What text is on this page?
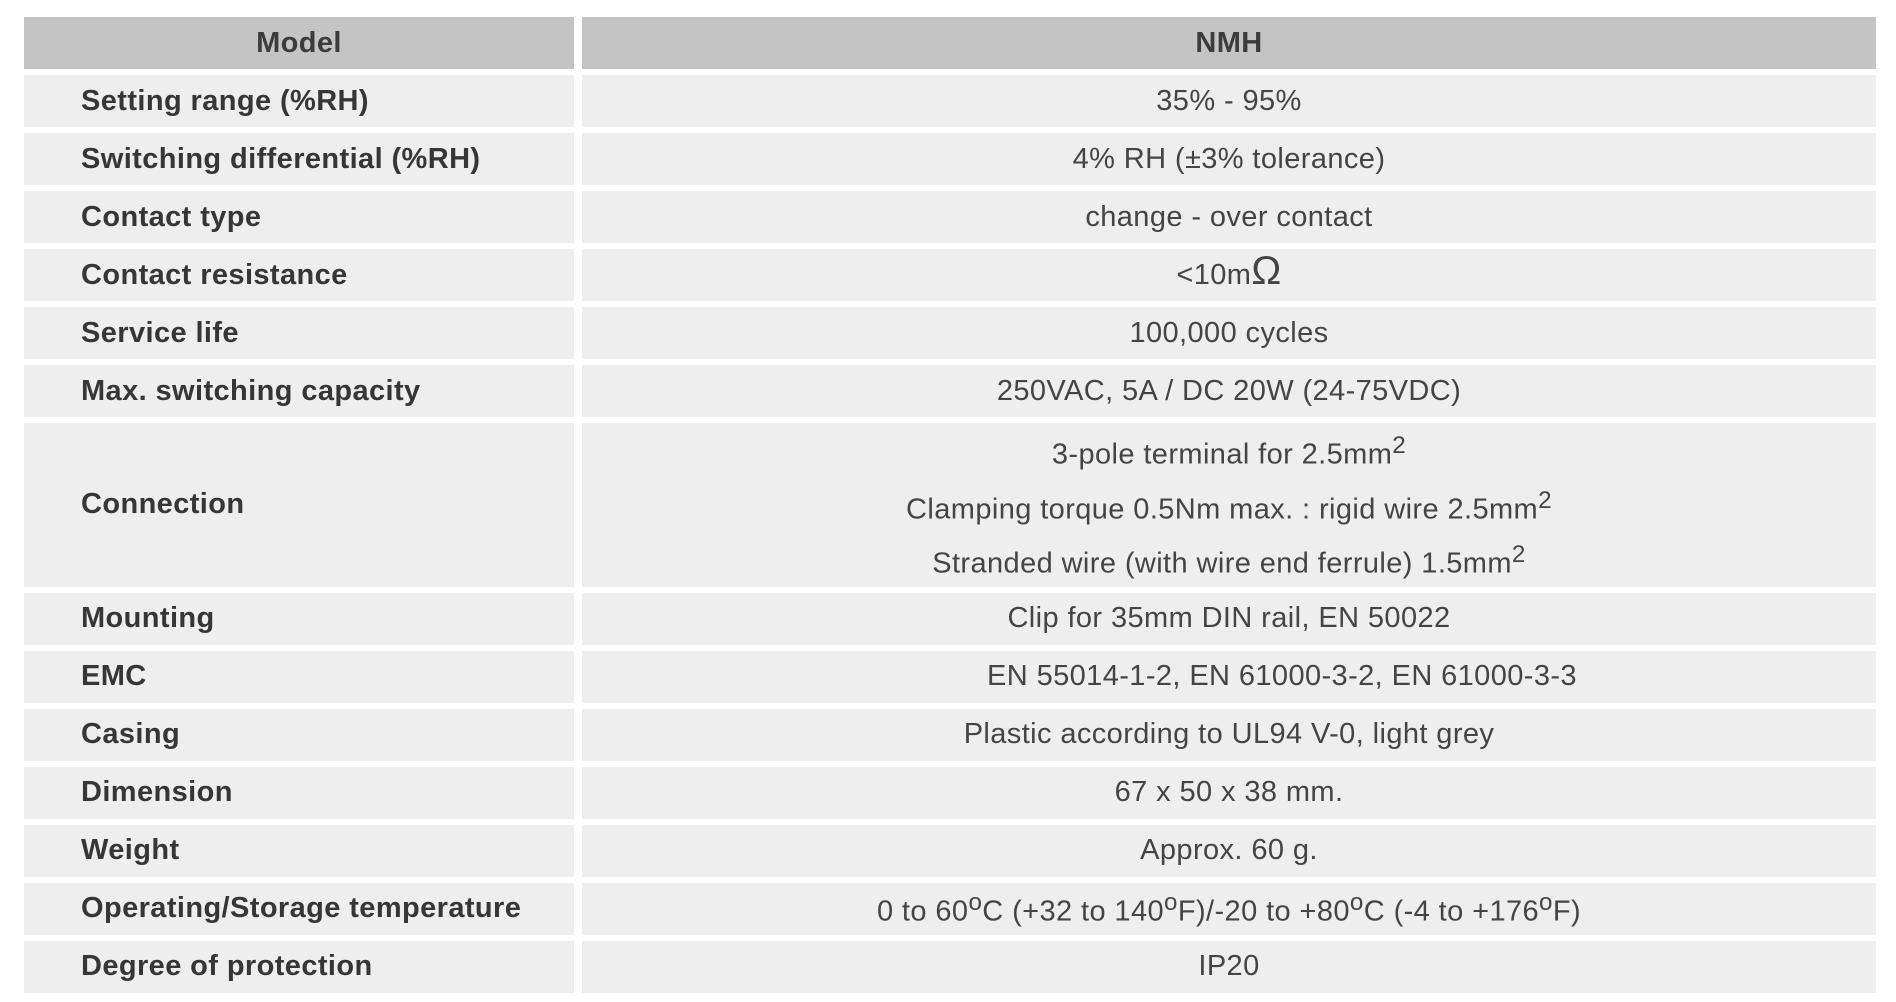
Model		NMH
Setting range (%RH)		35% - 95%
Switching differential (%RH)		4% RH (±3% tolerance)
Contact type		change - over contact
Contact resistance		<10mΩ
Service life		100,000 cycles
Max. switching capacity		250VAC, 5A / DC 20W (24-75VDC)
Connection		3-pole terminal for $2.5mm^2$
Clamping torque 0.5Nm max. : rigid wire $2.5mm^2$
Stranded wire (with wire end ferrule) $1.5mm^2$

Mounting		Clip for 35mm DIN rail, EN 50022
EMC		EN 55014-1-2, EN 61000-3-2, EN 61000-3-3
Casing		Plastic according to UL94 V-0, light grey
Dimension		67 x 50 x 38 mm.
Weight		Approx. 60 g.
Operating/Storage temperature		0 to 60$^o$C (+32 to 140$^o$F)/-20 to $+80^oC$ (-4 to $+176^oF$)
Degree of protection		IP20
